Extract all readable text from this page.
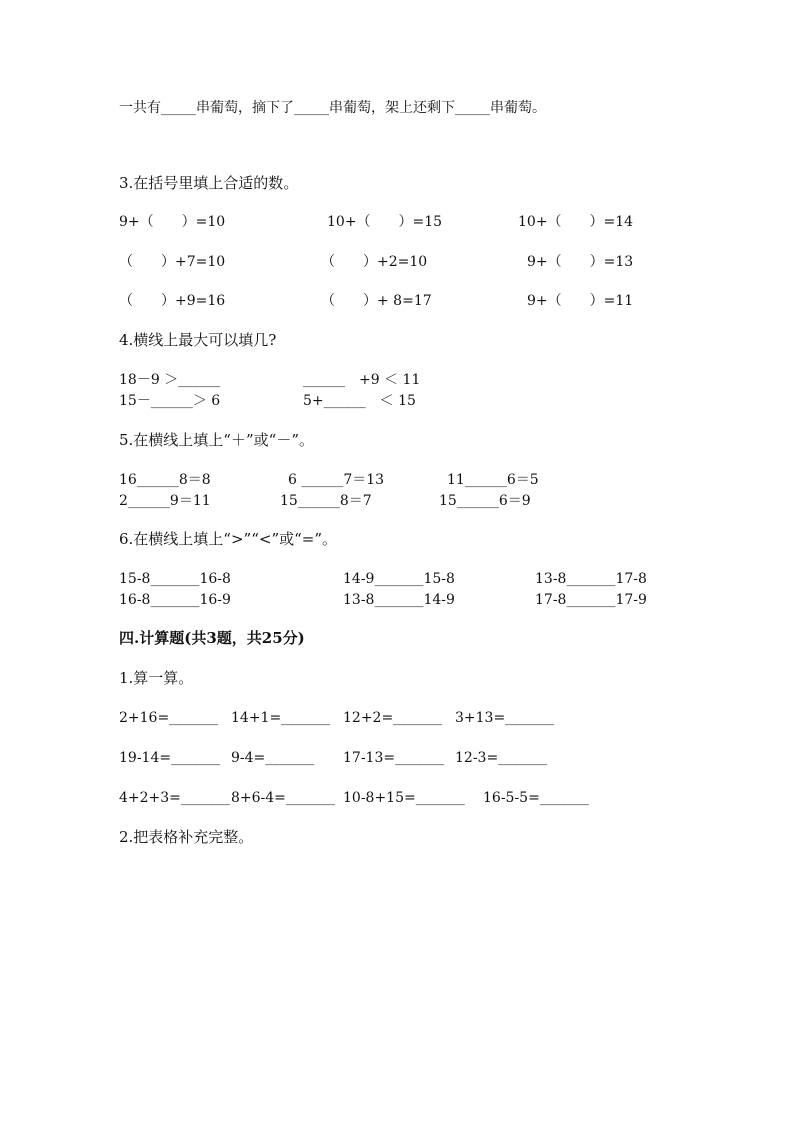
一共有_____串葡萄，摘下了_____串葡萄，架上还剩下_____串葡萄。
3.在括号里填上合适的数。
9+（　　）=10	10+（　　）=15	10+（　　）=14
（　　）+7=10	（　　）+2=10	9+（　　）=13
（　　）+9=16	（　　）+ 8=17	9+（　　）=11
4.横线上最大可以填几?
18－9 ＞______	______　+9 ＜ 11
15－______＞ 6	5+______　＜ 15
5.在横线上填上“＋”或“－”。
16______8＝8	6 ______7＝13	11______6＝5
2______9＝11	15______8＝7	15______6＝9
6.在横线上填上“>”“<”或“=”。
15-8_______16-8	14-9_______15-8	13-8_______17-8
16-8_______16-9	13-8_______14-9	17-8_______17-9
四.计算题(共3题，共25分)
1.算一算。
2+16=_______ 14+1=_______ 12+2=_______ 3+13=_______
19-14=_______ 9-4=_______ 17-13=_______ 12-3=_______
4+2+3=_______ 8+6-4=_______ 10-8+15=_______ 16-5-5=_______
2.把表格补充完整。
